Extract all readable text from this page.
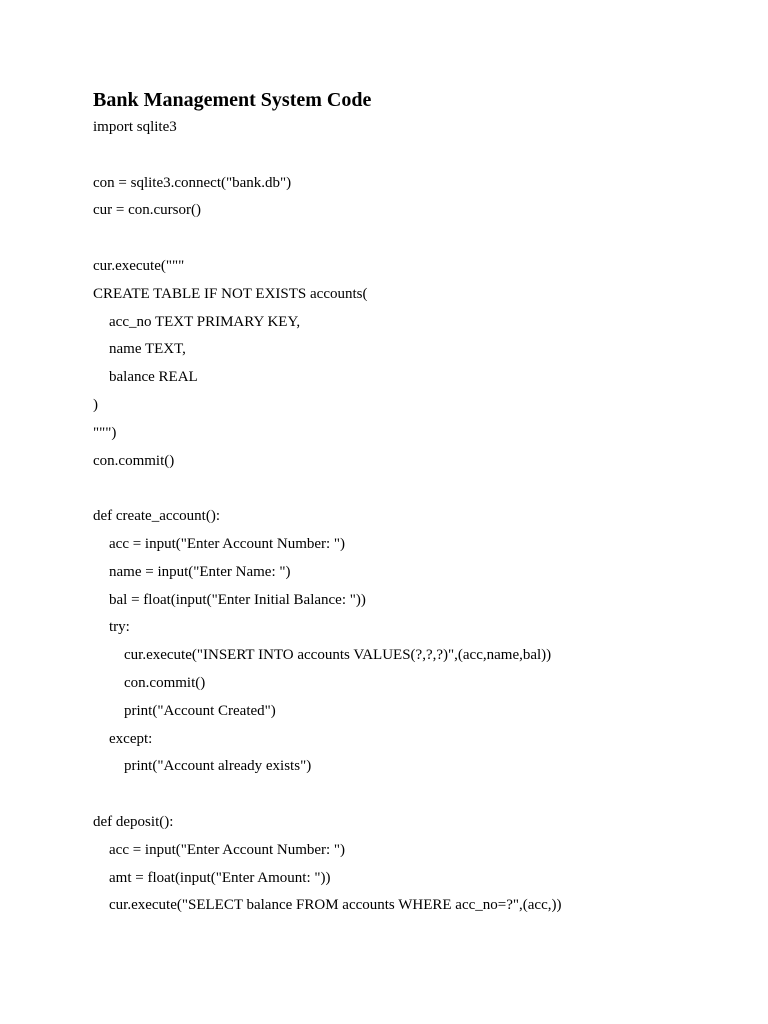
Bank Management System Code
import sqlite3
con = sqlite3.connect("bank.db")
cur = con.cursor()
cur.execute("""
CREATE TABLE IF NOT EXISTS accounts(
acc_no TEXT PRIMARY KEY,
name TEXT,
balance REAL
)
""")
con.commit()
def create_account():
acc = input("Enter Account Number: ")
name = input("Enter Name: ")
bal = float(input("Enter Initial Balance: "))
try:
cur.execute("INSERT INTO accounts VALUES(?,?,?)",(acc,name,bal))
con.commit()
print("Account Created")
except:
print("Account already exists")
def deposit():
acc = input("Enter Account Number: ")
amt = float(input("Enter Amount: "))
cur.execute("SELECT balance FROM accounts WHERE acc_no=?",(acc,))
